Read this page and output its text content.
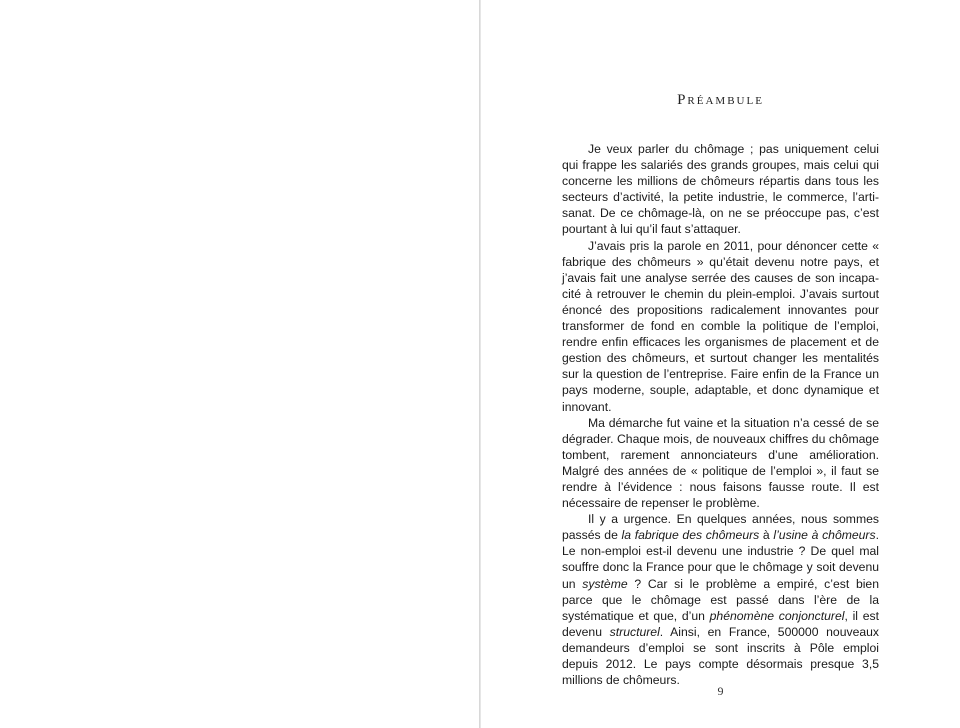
Préambule

Je veux parler du chômage ; pas uniquement celui qui frappe les salariés des grands groupes, mais celui qui concerne les millions de chômeurs répartis dans tous les secteurs d’activité, la petite industrie, le commerce, l’artisanat. De ce chômage-là, on ne se préoccupe pas, c’est pourtant à lui qu’il faut s’attaquer.

J’avais pris la parole en 2011, pour dénoncer cette « fabrique des chômeurs » qu’était devenu notre pays, et j’avais fait une analyse serrée des causes de son incapacité à retrouver le chemin du plein-emploi. J’avais surtout énoncé des propositions radicalement innovantes pour transformer de fond en comble la politique de l’emploi, rendre enfin efficaces les organismes de placement et de gestion des chômeurs, et surtout changer les mentalités sur la question de l’entreprise. Faire enfin de la France un pays moderne, souple, adaptable, et donc dynamique et innovant.

Ma démarche fut vaine et la situation n’a cessé de se dégrader. Chaque mois, de nouveaux chiffres du chômage tombent, rarement annonciateurs d’une amélioration. Malgré des années de « politique de l’emploi », il faut se rendre à l’évidence : nous faisons fausse route. Il est nécessaire de repenser le problème.

Il y a urgence. En quelques années, nous sommes passés de la fabrique des chômeurs à l’usine à chômeurs. Le non-emploi est-il devenu une industrie ? De quel mal souffre donc la France pour que le chômage y soit devenu un système ? Car si le problème a empiré, c’est bien parce que le chômage est passé dans l’ère de la systématique et que, d’un phénomène conjoncturel, il est devenu structurel. Ainsi, en France, 500000 nouveaux demandeurs d’emploi se sont inscrits à Pôle emploi depuis 2012. Le pays compte désormais presque 3,5 millions de chômeurs.

9
